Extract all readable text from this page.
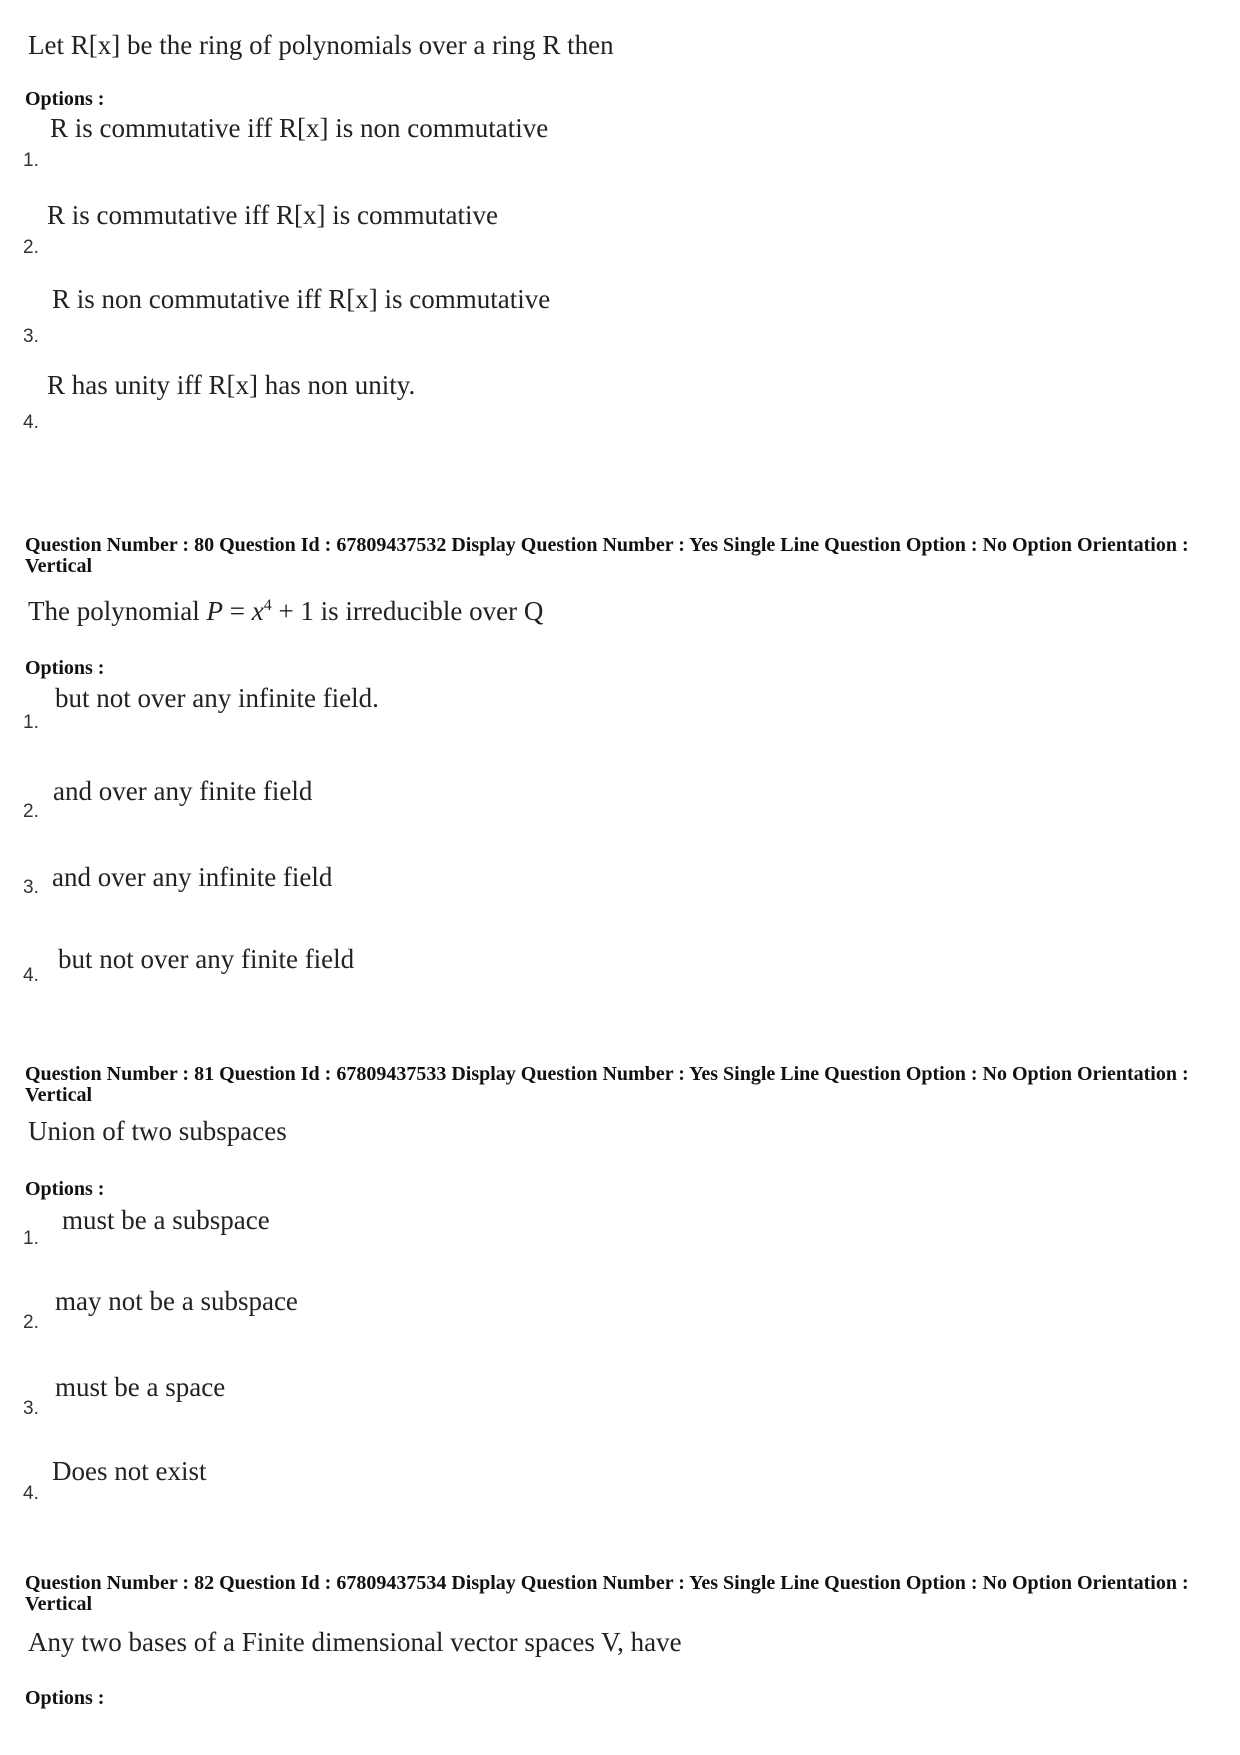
Let R[x] be the ring of polynomials over a ring R then
Options :
1.
R is commutative iff R[x] is non commutative
2.
R is commutative iff R[x] is commutative
3.
R is non commutative iff R[x] is commutative
4.
R has unity iff R[x] has non unity.
Question Number : 80 Question Id : 67809437532 Display Question Number : Yes Single Line Question Option : No Option Orientation : Vertical
The polynomial $P = x^4 + 1$ is irreducible over Q
Options :
1.
but not over any infinite field.
2.
and over any finite field
3. and over any infinite field
4.
but not over any finite field
Question Number : 81 Question Id : 67809437533 Display Question Number : Yes Single Line Question Option : No Option Orientation : Vertical
Union of two subspaces
Options :
1.
must be a subspace
2.
may not be a subspace
3.
must be a space
4.
Does not exist
Question Number : 82 Question Id : 67809437534 Display Question Number : Yes Single Line Question Option : No Option Orientation : Vertical
Any two bases of a Finite dimensional vector spaces V, have
Options :
